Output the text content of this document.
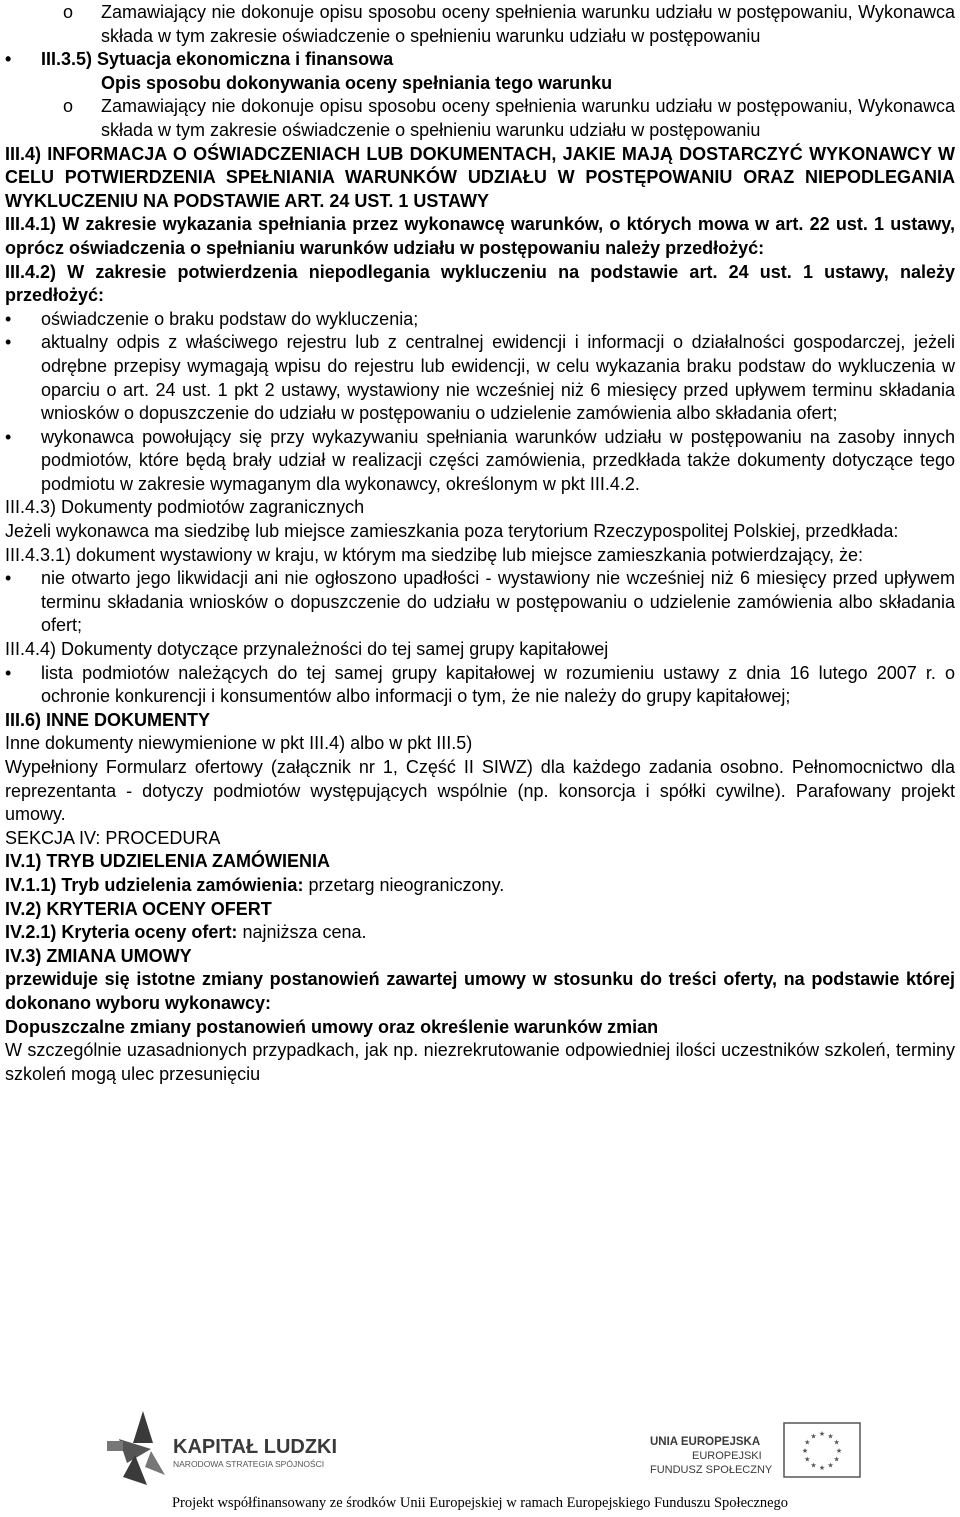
o Zamawiający nie dokonuje opisu sposobu oceny spełnienia warunku udziału w postępowaniu, Wykonawca składa w tym zakresie oświadczenie o spełnieniu warunku udziału w postępowaniu
• III.3.5) Sytuacja ekonomiczna i finansowa
Opis sposobu dokonywania oceny spełniania tego warunku
o Zamawiający nie dokonuje opisu sposobu oceny spełnienia warunku udziału w postępowaniu, Wykonawca składa w tym zakresie oświadczenie o spełnieniu warunku udziału w postępowaniu
III.4) INFORMACJA O OŚWIADCZENIACH LUB DOKUMENTACH, JAKIE MAJĄ DOSTARCZYĆ WYKONAWCY W CELU POTWIERDZENIA SPEŁNIANIA WARUNKÓW UDZIAŁU W POSTĘPOWANIU ORAZ NIEPODLEGANIA WYKLUCZENIU NA PODSTAWIE ART. 24 UST. 1 USTAWY
III.4.1) W zakresie wykazania spełniania przez wykonawcę warunków, o których mowa w art. 22 ust. 1 ustawy, oprócz oświadczenia o spełnianiu warunków udziału w postępowaniu należy przedłożyć:
III.4.2) W zakresie potwierdzenia niepodlegania wykluczeniu na podstawie art. 24 ust. 1 ustawy, należy przedłożyć:
• oświadczenie o braku podstaw do wykluczenia;
• aktualny odpis z właściwego rejestru lub z centralnej ewidencji i informacji o działalności gospodarczej, jeżeli odrębne przepisy wymagają wpisu do rejestru lub ewidencji, w celu wykazania braku podstaw do wykluczenia w oparciu o art. 24 ust. 1 pkt 2 ustawy, wystawiony nie wcześniej niż 6 miesięcy przed upływem terminu składania wniosków o dopuszczenie do udziału w postępowaniu o udzielenie zamówienia albo składania ofert;
• wykonawca powołujący się przy wykazywaniu spełniania warunków udziału w postępowaniu na zasoby innych podmiotów, które będą brały udział w realizacji części zamówienia, przedkłada także dokumenty dotyczące tego podmiotu w zakresie wymaganym dla wykonawcy, określonym w pkt III.4.2.
III.4.3) Dokumenty podmiotów zagranicznych
Jeżeli wykonawca ma siedzibę lub miejsce zamieszkania poza terytorium Rzeczypospolitej Polskiej, przedkłada:
III.4.3.1) dokument wystawiony w kraju, w którym ma siedzibę lub miejsce zamieszkania potwierdzający, że:
• nie otwarto jego likwidacji ani nie ogłoszono upadłości - wystawiony nie wcześniej niż 6 miesięcy przed upływem terminu składania wniosków o dopuszczenie do udziału w postępowaniu o udzielenie zamówienia albo składania ofert;
III.4.4) Dokumenty dotyczące przynależności do tej samej grupy kapitałowej
• lista podmiotów należących do tej samej grupy kapitałowej w rozumieniu ustawy z dnia 16 lutego 2007 r. o ochronie konkurencji i konsumentów albo informacji o tym, że nie należy do grupy kapitałowej;
III.6) INNE DOKUMENTY
Inne dokumenty niewymienione w pkt III.4) albo w pkt III.5)
Wypełniony Formularz ofertowy (załącznik nr 1, Część II SIWZ) dla każdego zadania osobno. Pełnomocnictwo dla reprezentanta - dotyczy podmiotów występujących wspólnie (np. konsorcja i spółki cywilne). Parafowany projekt umowy.
SEKCJA IV: PROCEDURA
IV.1) TRYB UDZIELENIA ZAMÓWIENIA
IV.1.1) Tryb udzielenia zamówienia: przetarg nieograniczony.
IV.2) KRYTERIA OCENY OFERT
IV.2.1) Kryteria oceny ofert: najniższa cena.
IV.3) ZMIANA UMOWY
przewiduje się istotne zmiany postanowień zawartej umowy w stosunku do treści oferty, na podstawie której dokonano wyboru wykonawcy:
Dopuszczalne zmiany postanowień umowy oraz określenie warunków zmian
W szczególnie uzasadnionych przypadkach, jak np. niezrekrutowanie odpowiedniej ilości uczestników szkoleń, terminy szkoleń mogą ulec przesunięciu
KAPITAŁ LUDZKI
NARODOWA STRATEGIA SPÓJNOŚCI
UNIA EUROPEJSKA
EUROPEJSKI
FUNDUSZ SPOŁECZNY
★
★
★
★
★
★
★
★
★ ★ ★
★
Projekt współfinansowany ze środków Unii Europejskiej w ramach Europejskiego Funduszu Społecznego
